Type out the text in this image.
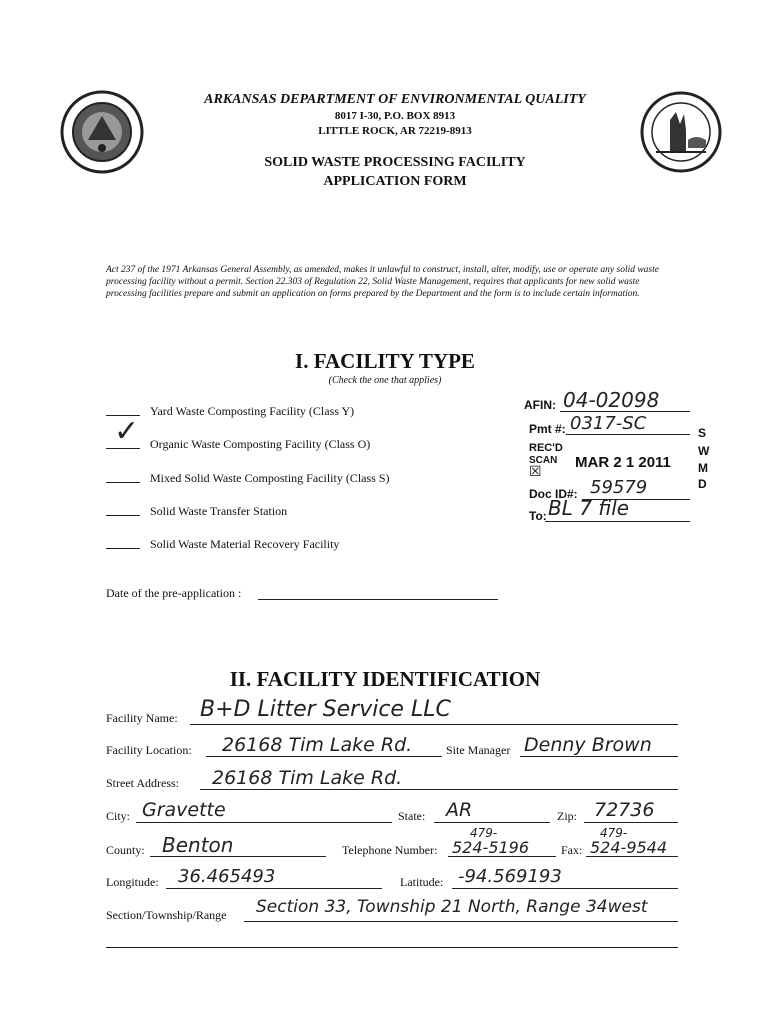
ARKANSAS DEPARTMENT OF ENVIRONMENTAL QUALITY
8017 I-30, P.O. BOX 8913
LITTLE ROCK, AR 72219-8913
SOLID WASTE PROCESSING FACILITY
APPLICATION FORM
Act 237 of the 1971 Arkansas General Assembly, as amended, makes it unlawful to construct, install, alter, modify, use or operate any solid waste processing facility without a permit. Section 22.303 of Regulation 22, Solid Waste Management, requires that applicants for new solid waste processing facilities prepare and submit an application on forms prepared by the Department and the form is to include certain information.
I. FACILITY TYPE
(Check the one that applies)
Yard Waste Composting Facility (Class Y)
✓ Organic Waste Composting Facility (Class O)
Mixed Solid Waste Composting Facility (Class S)
Solid Waste Transfer Station
Solid Waste Material Recovery Facility
Date of the pre-application :
AFIN: 04-02098
Pmt #: 0317-SC
REC'D
SCAN
☒
MAR 2 1 2011
Doc ID#: 59579
To: BL 7 file
S
W
M
D
II. FACILITY IDENTIFICATION
Facility Name: B+D Litter Service LLC
Facility Location: 26168 Tim Lake Rd.	Site Manager Denny Brown
Street Address: 26168 Tim Lake Rd.
City: Gravette	State: AR	Zip: 72736
County: Benton	Telephone Number:
479-
524-5196	Fax:
479-
524-9544
Longitude: 36.465493	Latitude: -94.569193
Section/Township/Range Section 33, Township 21 North, Range 34west
